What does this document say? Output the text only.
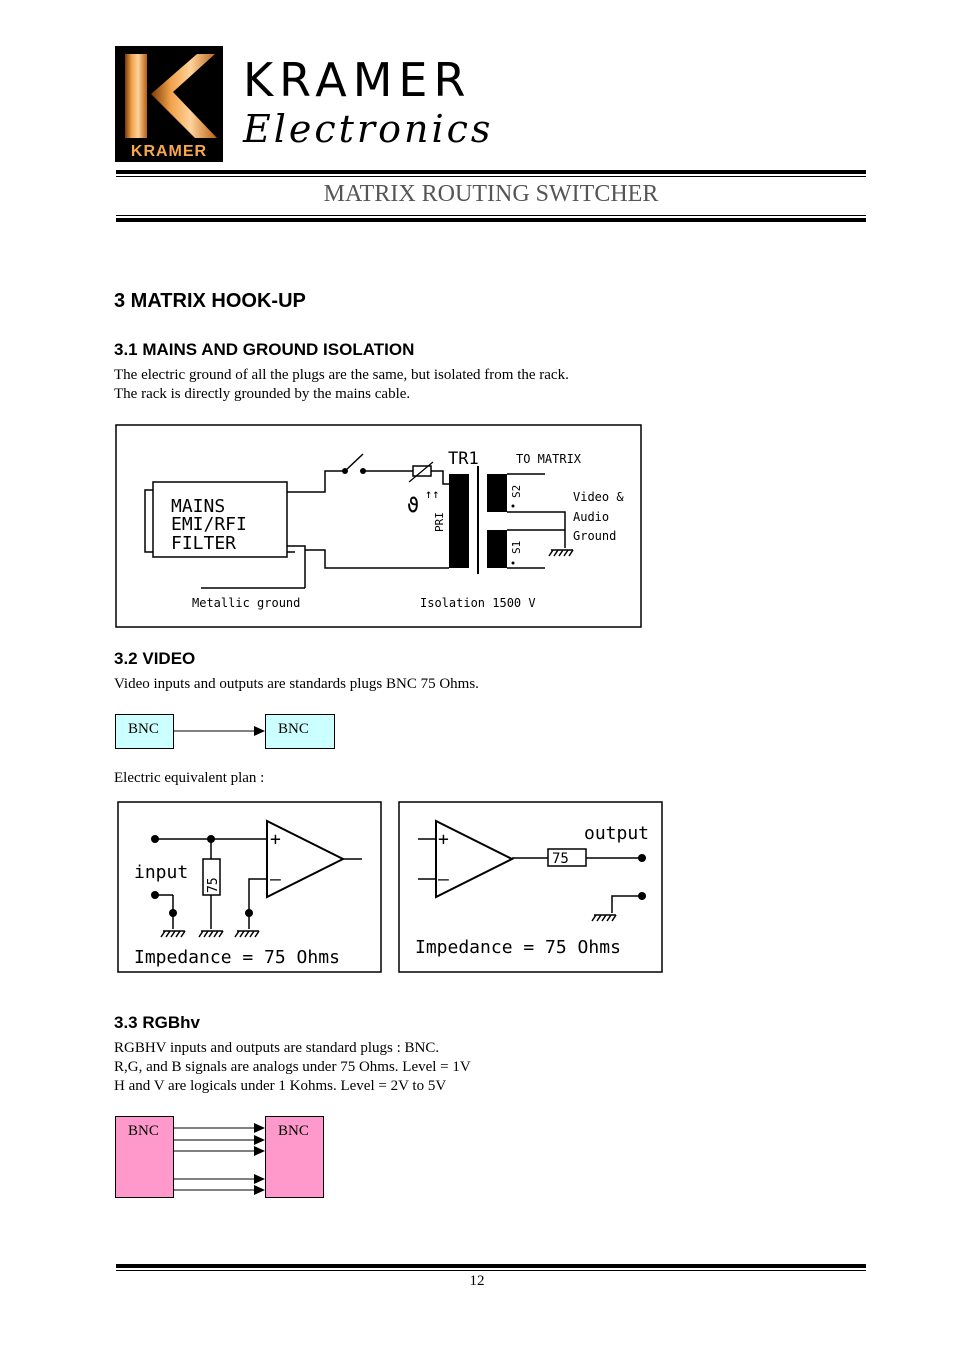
KRAMER
KRAMER
Electronics
MATRIX ROUTING SWITCHER
3 MATRIX HOOK-UP
3.1 MAINS AND GROUND ISOLATION
The electric ground of all the plugs are the same, but isolated from the rack.
The rack is directly grounded by the mains cable.
MAINS
EMI/RFI
FILTER
ϑ ↑↑
TR1
PRI
S2
S1
TO MATRIX
Video &
Audio
Ground
Metallic ground	Isolation 1500 V
3.2 VIDEO
Video inputs and outputs are standards plugs BNC 75 Ohms.
BNC	BNC
Electric equivalent plan :
75
+
–
input
Impedance = 75 Ohms
+
–
75
output
Impedance = 75 Ohms
3.3 RGBhv
RGBHV inputs and outputs are standard plugs : BNC.
R,G, and B signals are analogs under 75 Ohms. Level = 1V
H and V are logicals under 1 Kohms. Level = 2V to 5V
BNC	BNC
12
